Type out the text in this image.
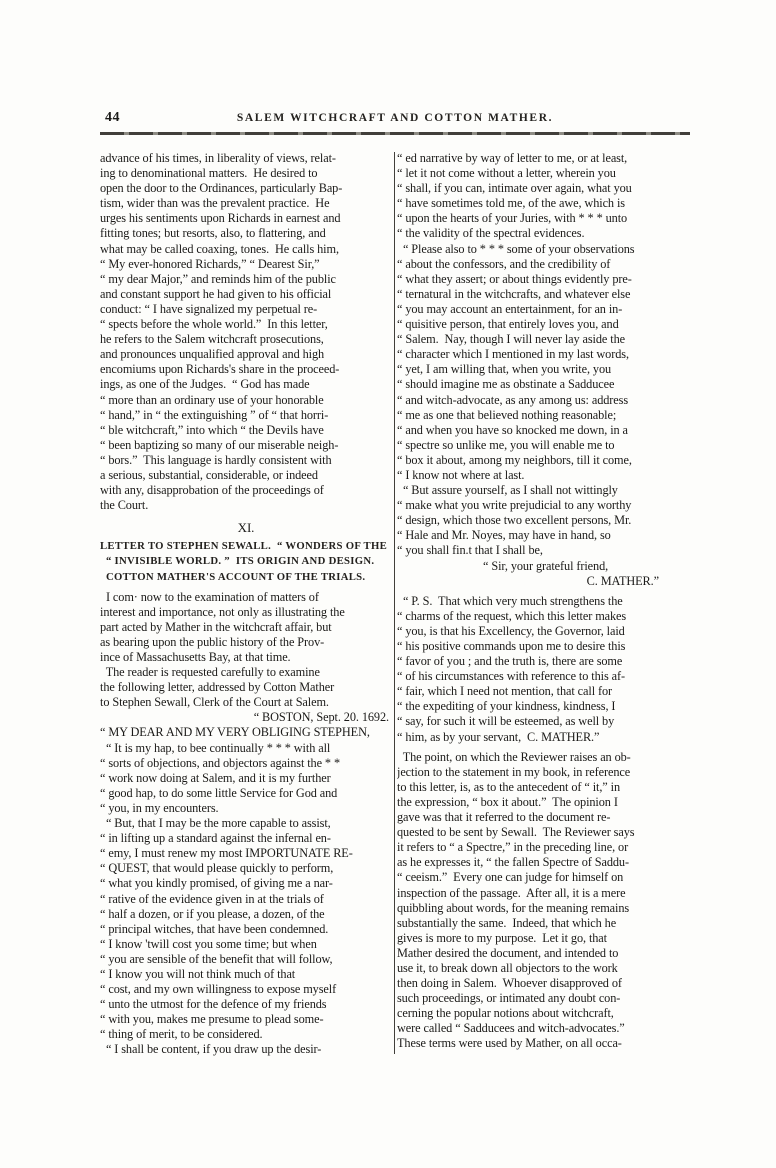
44	SALEM WITCHCRAFT AND COTTON MATHER.
advance of his times, in liberality of views, relat-
ing to denominational matters.  He desired to
open the door to the Ordinances, particularly Bap-
tism, wider than was the prevalent practice.  He
urges his sentiments upon Richards in earnest and
fitting tones; but resorts, also, to flattering, and
what may be called coaxing, tones.  He calls him,
“ My ever-honored Richards,” “ Dearest Sir,”
“ my dear Major,” and reminds him of the public
and constant support he had given to his official
conduct: “ I have signalized my perpetual re-
“ spects before the whole world.”  In this letter,
he refers to the Salem witchcraft prosecutions,
and pronounces unqualified approval and high
encomiums upon Richards's share in the proceed-
ings, as one of the Judges.  “ God has made
“ more than an ordinary use of your honorable
“ hand,” in “ the extinguishing ” of “ that horri-
“ ble witchcraft,” into which “ the Devils have
“ been baptizing so many of our miserable neigh-
“ bors.”  This language is hardly consistent with
a serious, substantial, considerable, or indeed
with any, disapprobation of the proceedings of
the Court.
XI.
LETTER TO STEPHEN SEWALL.  “ WONDERS OF THE
“ INVISIBLE WORLD. ”  ITS ORIGIN AND DESIGN.
COTTON MATHER'S ACCOUNT OF THE TRIALS.
I com· now to the examination of matters of
interest and importance, not only as illustrating the
part acted by Mather in the witchcraft affair, but
as bearing upon the public history of the Prov-
ince of Massachusetts Bay, at that time.
The reader is requested carefully to examine
the following letter, addressed by Cotton Mather
to Stephen Sewall, Clerk of the Court at Salem.
“ BOSTON, Sept. 20. 1692.
“ MY DEAR AND MY VERY OBLIGING STEPHEN,
“ It is my hap, to bee continually * * * with all
“ sorts of objections, and objectors against the * *
“ work now doing at Salem, and it is my further
“ good hap, to do some little Service for God and
“ you, in my encounters.
“ But, that I may be the more capable to assist,
“ in lifting up a standard against the infernal en-
“ emy, I must renew my most IMPORTUNATE RE-
“ QUEST, that would please quickly to perform,
“ what you kindly promised, of giving me a nar-
“ rative of the evidence given in at the trials of
“ half a dozen, or if you please, a dozen, of the
“ principal witches, that have been condemned.
“ I know 'twill cost you some time; but when
“ you are sensible of the benefit that will follow,
“ I know you will not think much of that
“ cost, and my own willingness to expose myself
“ unto the utmost for the defence of my friends
“ with you, makes me presume to plead some-
“ thing of merit, to be considered.
“ I shall be content, if you draw up the desir-
“ ed narrative by way of letter to me, or at least,
“ let it not come without a letter, wherein you
“ shall, if you can, intimate over again, what you
“ have sometimes told me, of the awe, which is
“ upon the hearts of your Juries, with * * * unto
“ the validity of the spectral evidences.
“ Please also to * * * some of your observations
“ about the confessors, and the credibility of
“ what they assert; or about things evidently pre-
“ ternatural in the witchcrafts, and whatever else
“ you may account an entertainment, for an in-
“ quisitive person, that entirely loves you, and
“ Salem.  Nay, though I will never lay aside the
“ character which I mentioned in my last words,
“ yet, I am willing that, when you write, you
“ should imagine me as obstinate a Sadducee
“ and witch-advocate, as any among us: address
“ me as one that believed nothing reasonable;
“ and when you have so knocked me down, in a
“ spectre so unlike me, you will enable me to
“ box it about, among my neighbors, till it come,
“ I know not where at last.
“ But assure yourself, as I shall not wittingly
“ make what you write prejudicial to any worthy
“ design, which those two excellent persons, Mr.
“ Hale and Mr. Noyes, may have in hand, so
“ you shall fin.t that I shall be,
“ Sir, your grateful friend,
C. MATHER.”
“ P. S.  That which very much strengthens the
“ charms of the request, which this letter makes
“ you, is that his Excellency, the Governor, laid
“ his positive commands upon me to desire this
“ favor of you ; and the truth is, there are some
“ of his circumstances with reference to this af-
“ fair, which I need not mention, that call for
“ the expediting of your kindness, kindness, I
“ say, for such it will be esteemed, as well by
“ him, as by your servant,  C. MATHER.”
The point, on which the Reviewer raises an ob-
jection to the statement in my book, in reference
to this letter, is, as to the antecedent of “ it,” in
the expression, “ box it about.”  The opinion I
gave was that it referred to the document re-
quested to be sent by Sewall.  The Reviewer says
it refers to “ a Spectre,” in the preceding line, or
as he expresses it, “ the fallen Spectre of Saddu-
“ ceeism.”  Every one can judge for himself on
inspection of the passage.  After all, it is a mere
quibbling about words, for the meaning remains
substantially the same.  Indeed, that which he
gives is more to my purpose.  Let it go, that
Mather desired the document, and intended to
use it, to break down all objectors to the work
then doing in Salem.  Whoever disapproved of
such proceedings, or intimated any doubt con-
cerning the popular notions about witchcraft,
were called “ Sadducees and witch-advocates.”
These terms were used by Mather, on all occa-
